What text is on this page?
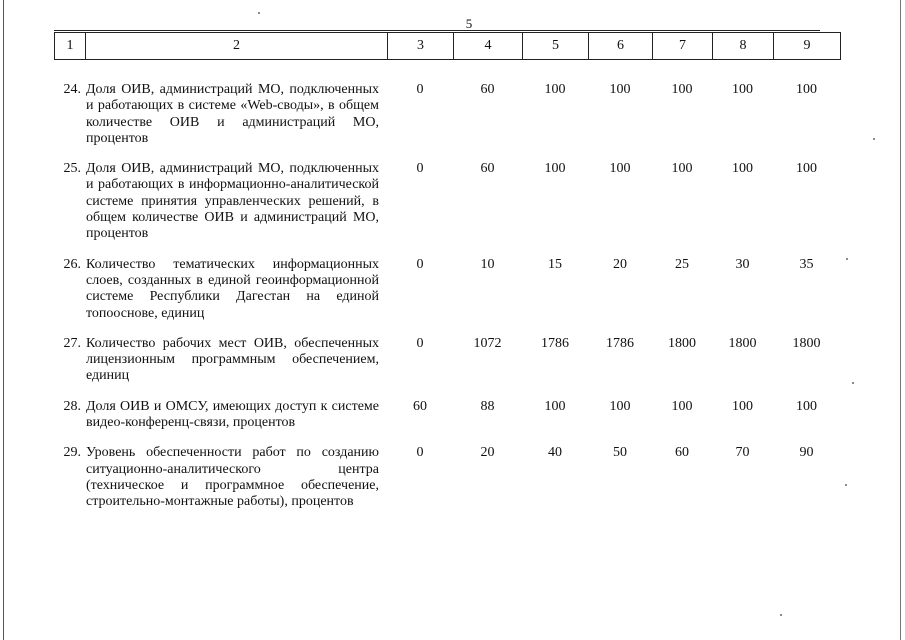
5
1	2	3	4	5	6	7	8	9
24.	Доля ОИВ, администраций МО, подключенных и работающих в системе «Web-своды», в общем количестве ОИВ и администраций МО, процентов	0	60	100	100	100	100	100

25.	Доля ОИВ, администраций МО, подключенных и работающих в информационно-аналитической системе принятия управленческих решений, в общем количестве ОИВ и администраций МО, процентов	0	60	100	100	100	100	100

26.	Количество тематических информационных слоев, созданных в единой геоинформационной системе Республики Дагестан на единой топооснове, единиц	0	10	15	20	25	30	35

27.	Количество рабочих мест ОИВ, обеспеченных лицензионным программным обеспечением, единиц	0	1072	1786	1786	1800	1800	1800

28.	Доля ОИВ и ОМСУ, имеющих доступ к системе видео-конференц-связи, процентов	60	88	100	100	100	100	100

29.	Уровень обеспеченности работ по созданию ситуационно-аналитического центра (техническое и программное обеспечение, строительно-монтажные работы), процентов	0	20	40	50	60	70	90
